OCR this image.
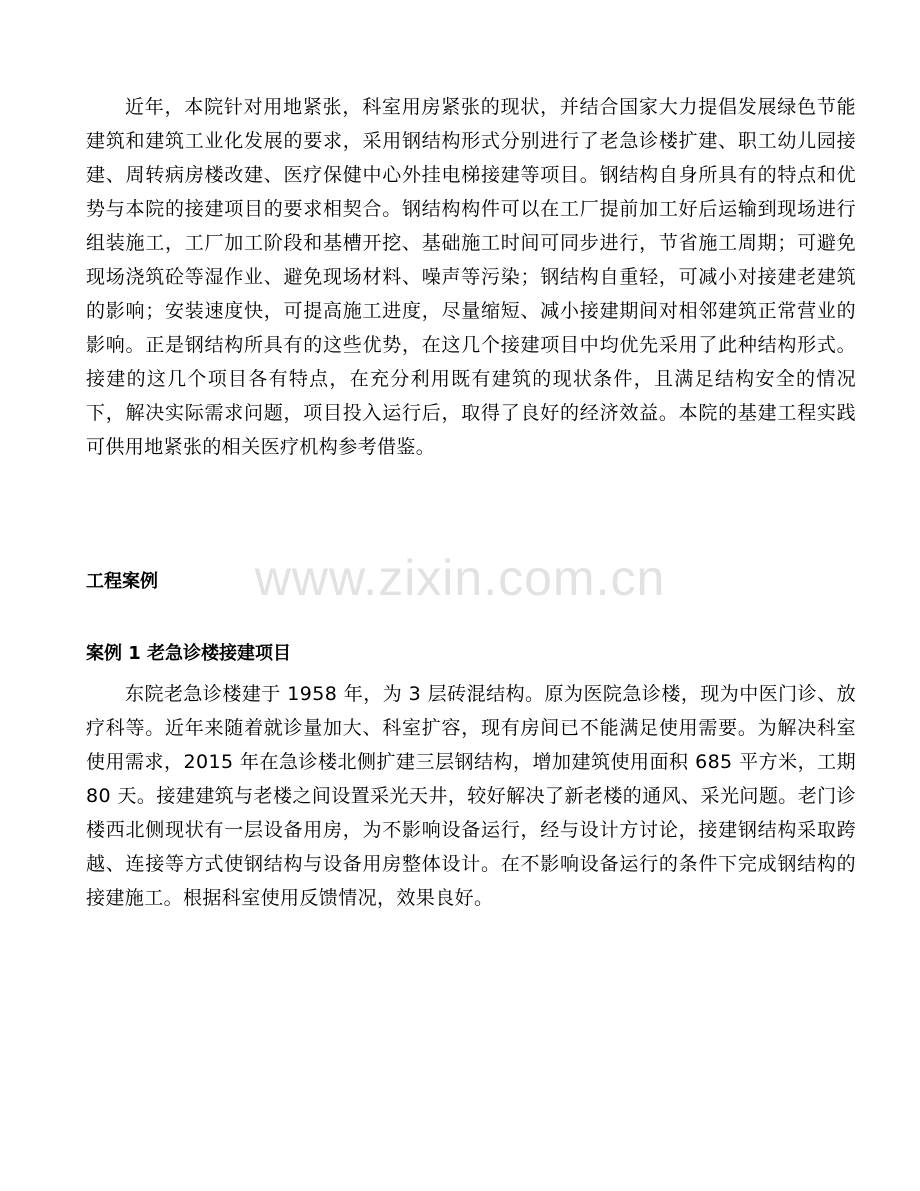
www.zixin.com.cn

近年，本院针对用地紧张，科室用房紧张的现状，并结合国家大力提倡发展绿色节能建筑和建筑工业化发展的要求，采用钢结构形式分别进行了老急诊楼扩建、职工幼儿园接建、周转病房楼改建、医疗保健中心外挂电梯接建等项目。钢结构自身所具有的特点和优势与本院的接建项目的要求相契合。钢结构构件可以在工厂提前加工好后运输到现场进行组装施工，工厂加工阶段和基槽开挖、基础施工时间可同步进行，节省施工周期；可避免现场浇筑砼等湿作业、避免现场材料、噪声等污染；钢结构自重轻，可减小对接建老建筑的影响；安装速度快，可提高施工进度，尽量缩短、减小接建期间对相邻建筑正常营业的影响。正是钢结构所具有的这些优势，在这几个接建项目中均优先采用了此种结构形式。接建的这几个项目各有特点，在充分利用既有建筑的现状条件，且满足结构安全的情况下，解决实际需求问题，项目投入运行后，取得了良好的经济效益。本院的基建工程实践可供用地紧张的相关医疗机构参考借鉴。

工程案例
案例 1 老急诊楼接建项目

东院老急诊楼建于 1958 年，为 3 层砖混结构。原为医院急诊楼，现为中医门诊、放疗科等。近年来随着就诊量加大、科室扩容，现有房间已不能满足使用需要。为解决科室使用需求，2015 年在急诊楼北侧扩建三层钢结构，增加建筑使用面积 685 平方米，工期 80 天。接建建筑与老楼之间设置采光天井，较好解决了新老楼的通风、采光问题。老门诊楼西北侧现状有一层设备用房，为不影响设备运行，经与设计方讨论，接建钢结构采取跨越、连接等方式使钢结构与设备用房整体设计。在不影响设备运行的条件下完成钢结构的接建施工。根据科室使用反馈情况，效果良好。
